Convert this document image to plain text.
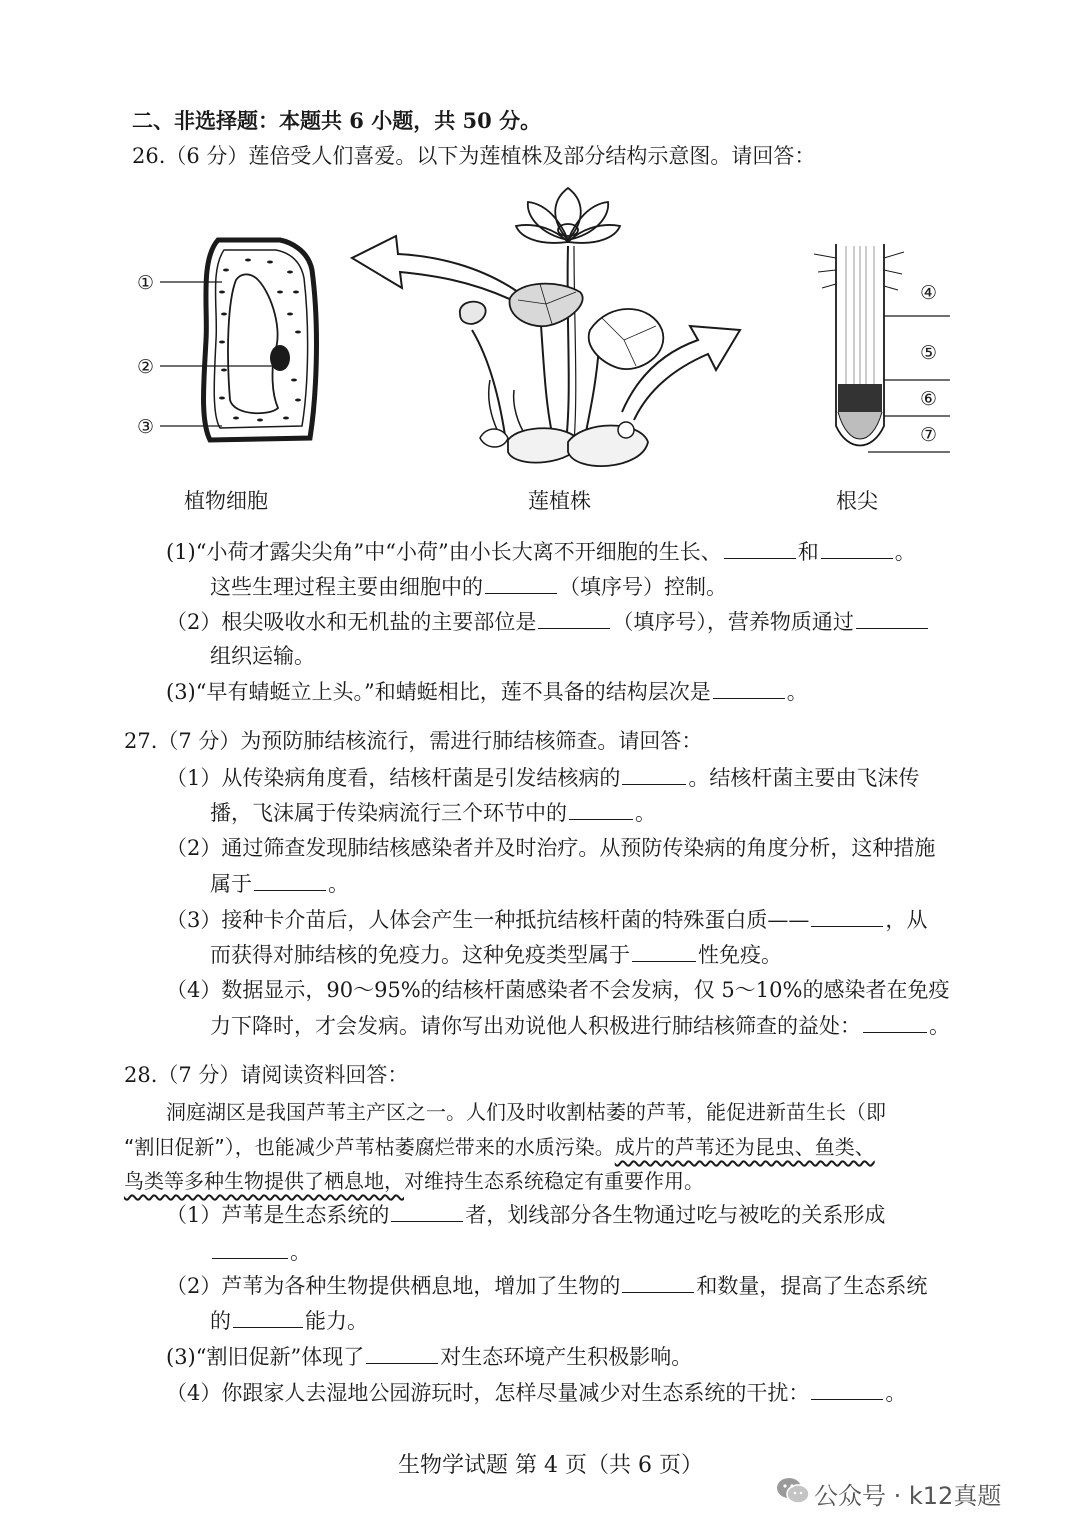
二、非选择题：本题共 6 小题，共 50 分。
26.（6 分）莲倍受人们喜爱。以下为莲植株及部分结构示意图。请回答：
①
②
③
植物细胞	莲植株
④
⑤
⑥
⑦
根尖
(1)“小荷才露尖尖角”中“小荷”由小长大离不开细胞的生长、	和	。
这些生理过程主要由细胞中的	（填序号）控制。
（2）根尖吸收水和无机盐的主要部位是	（填序号），营养物质通过
组织运输。
(3)“早有蜻蜓立上头。”和蜻蜓相比，莲不具备的结构层次是	。
27.（7 分）为预防肺结核流行，需进行肺结核筛查。请回答：
（1）从传染病角度看，结核杆菌是引发结核病的	。结核杆菌主要由飞沫传
播，飞沫属于传染病流行三个环节中的	。
（2）通过筛查发现肺结核感染者并及时治疗。从预防传染病的角度分析，这种措施
属于	。
（3）接种卡介苗后，人体会产生一种抵抗结核杆菌的特殊蛋白质——	，从
而获得对肺结核的免疫力。这种免疫类型属于	性免疫。
（4）数据显示，90～95%的结核杆菌感染者不会发病，仅 5～10%的感染者在免疫
力下降时，才会发病。请你写出劝说他人积极进行肺结核筛查的益处：	。
28.（7 分）请阅读资料回答：
洞庭湖区是我国芦苇主产区之一。人们及时收割枯萎的芦苇，能促进新苗生长（即
“割旧促新”），也能减少芦苇枯萎腐烂带来的水质污染。成片的芦苇还为昆虫、鱼类、
鸟类等多种生物提供了栖息地，对维持生态系统稳定有重要作用。
（1）芦苇是生态系统的	者，划线部分各生物通过吃与被吃的关系形成
。
（2）芦苇为各种生物提供栖息地，增加了生物的	和数量，提高了生态系统
的	能力。
(3)“割旧促新”体现了	对生态环境产生积极影响。
（4）你跟家人去湿地公园游玩时，怎样尽量减少对生态系统的干扰：	。
生物学试题 第 4 页（共 6 页）
公众号 · k12真题
